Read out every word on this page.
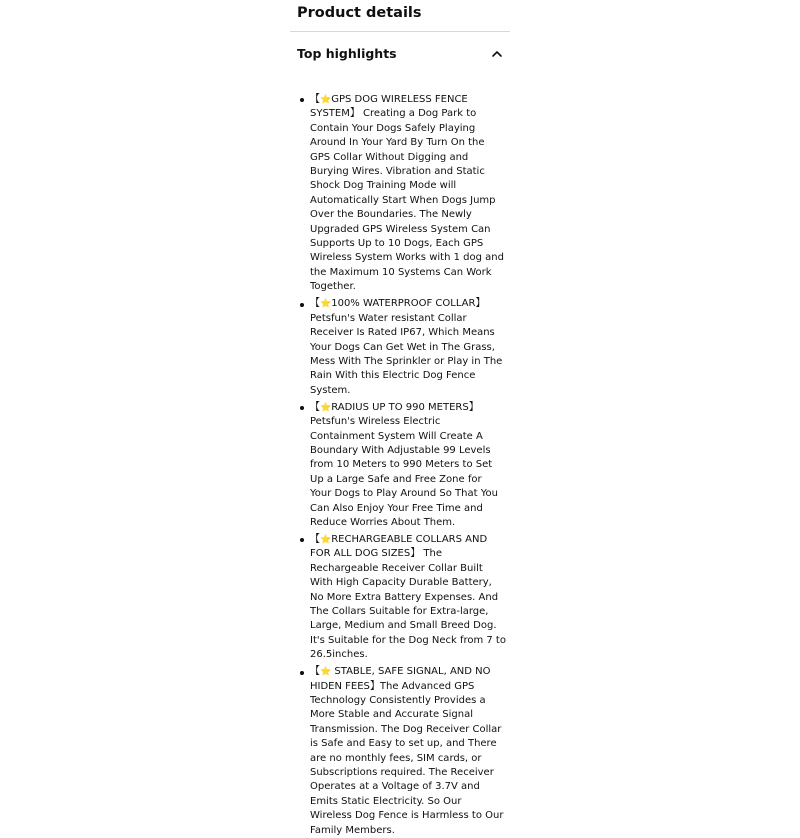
Product details
Top highlights
【⭐GPS DOG WIRELESS FENCE SYSTEM】 Creating a Dog Park to Contain Your Dogs Safely Playing Around In Your Yard By Turn On the GPS Collar Without Digging and Burying Wires. Vibration and Static Shock Dog Training Mode will Automatically Start When Dogs Jump Over the Boundaries. The Newly Upgraded GPS Wireless System Can Supports Up to 10 Dogs, Each GPS Wireless System Works with 1 dog and the Maximum 10 Systems Can Work Together.
【⭐100% WATERPROOF COLLAR】 Petsfun's Water resistant Collar Receiver Is Rated IP67, Which Means Your Dogs Can Get Wet in The Grass, Mess With The Sprinkler or Play in The Rain With this Electric Dog Fence System.
【⭐RADIUS UP TO 990 METERS】 Petsfun's Wireless Electric Containment System Will Create A Boundary With Adjustable 99 Levels from 10 Meters to 990 Meters to Set Up a Large Safe and Free Zone for Your Dogs to Play Around So That You Can Also Enjoy Your Free Time and Reduce Worries About Them.
【⭐RECHARGEABLE COLLARS AND FOR ALL DOG SIZES】 The Rechargeable Receiver Collar Built With High Capacity Durable Battery, No More Extra Battery Expenses. And The Collars Suitable for Extra-large, Large, Medium and Small Breed Dog. It's Suitable for the Dog Neck from 7 to 26.5inches.
【⭐ STABLE, SAFE SIGNAL, AND NO HIDEN FEES】The Advanced GPS Technology Consistently Provides a More Stable and Accurate Signal Transmission. The Dog Receiver Collar is Safe and Easy to set up, and There are no monthly fees, SIM cards, or Subscriptions required. The Receiver Operates at a Voltage of 3.7V and Emits Static Electricity. So Our Wireless Dog Fence is Harmless to Our Family Members.
